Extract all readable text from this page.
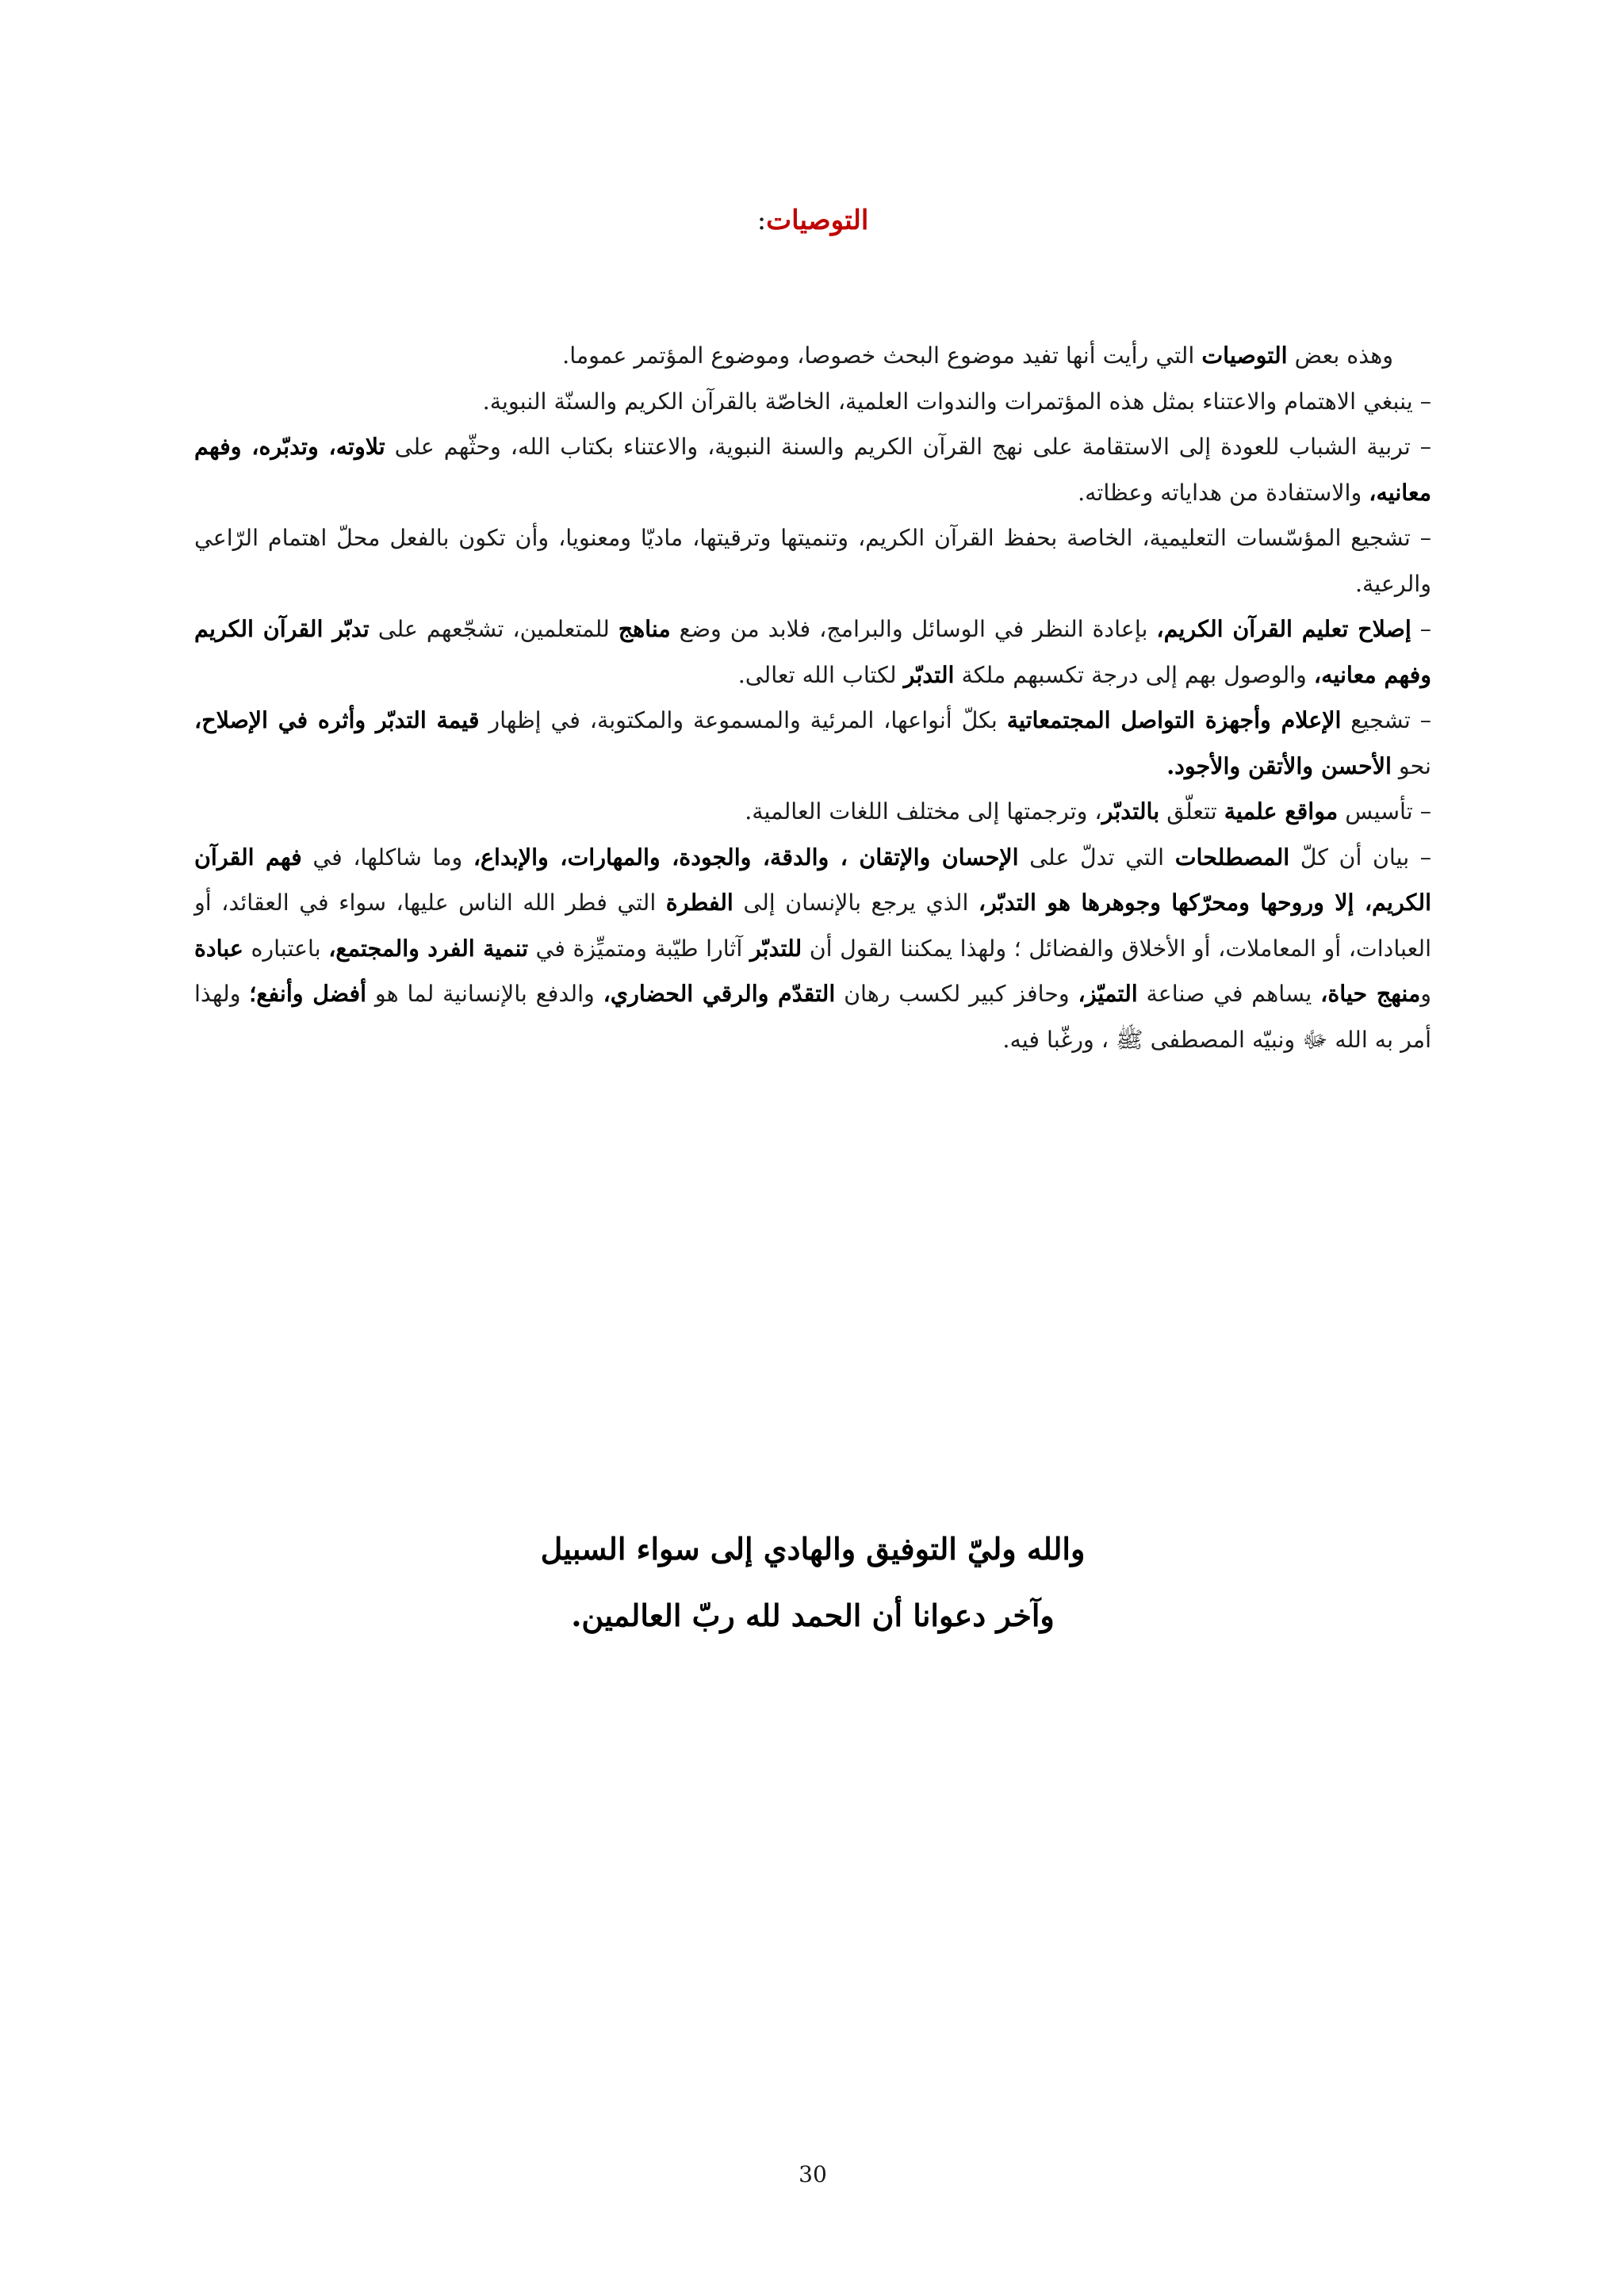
التوصيات:

وهذه بعض التوصيات التي رأيت أنها تفيد موضوع البحث خصوصا، وموضوع المؤتمر عموما.

– ينبغي الاهتمام والاعتناء بمثل هذه المؤتمرات والندوات العلمية، الخاصّة بالقرآن الكريم والسنّة النبوية.

– تربية الشباب للعودة إلى الاستقامة على نهج القرآن الكريم والسنة النبوية، والاعتناء بكتاب الله، وحثّهم على تلاوته، وتدبّره، وفهم معانيه، والاستفادة من هداياته وعظاته.

– تشجيع المؤسّسات التعليمية، الخاصة بحفظ القرآن الكريم، وتنميتها وترقيتها، ماديّا ومعنويا، وأن تكون بالفعل محلّ اهتمام الرّاعي والرعية.

– إصلاح تعليم القرآن الكريم، بإعادة النظر في الوسائل والبرامج، فلابد من وضع مناهج للمتعلمين، تشجّعهم على تدبّر القرآن الكريم وفهم معانيه، والوصول بهم إلى درجة تكسبهم ملكة التدبّر لكتاب الله تعالى.

– تشجيع الإعلام وأجهزة التواصل المجتمعاتية بكلّ أنواعها، المرئية والمسموعة والمكتوبة، في إظهار قيمة التدبّر وأثره في الإصلاح، نحو الأحسن والأتقن والأجود.

– تأسيس مواقع علمية تتعلّق بالتدبّر، وترجمتها إلى مختلف اللغات العالمية.

– بيان أن كلّ المصطلحات التي تدلّ على الإحسان والإتقان ، والدقة، والجودة، والمهارات، والإبداع، وما شاكلها، في فهم القرآن الكريم، إلا وروحها ومحرّكها وجوهرها هو التدبّر، الذي يرجع بالإنسان إلى الفطرة التي فطر الله الناس عليها، سواء في العقائد، أو العبادات، أو المعاملات، أو الأخلاق والفضائل ؛ ولهذا يمكننا القول أن للتدبّر آثارا طيّبة ومتميِّزة في تنمية الفرد والمجتمع، باعتباره عبادة ومنهج حياة، يساهم في صناعة التميّز، وحافز كبير لكسب رهان التقدّم والرقي الحضاري، والدفع بالإنسانية لما هو أفضل وأنفع؛ ولهذا أمر به الله ﷻ ونبيّه المصطفى ﷺ ، ورغّبا فيه.

والله وليّ التوفيق والهادي إلى سواء السبيل

وآخر دعوانا أن الحمد لله ربّ العالمين.

30
